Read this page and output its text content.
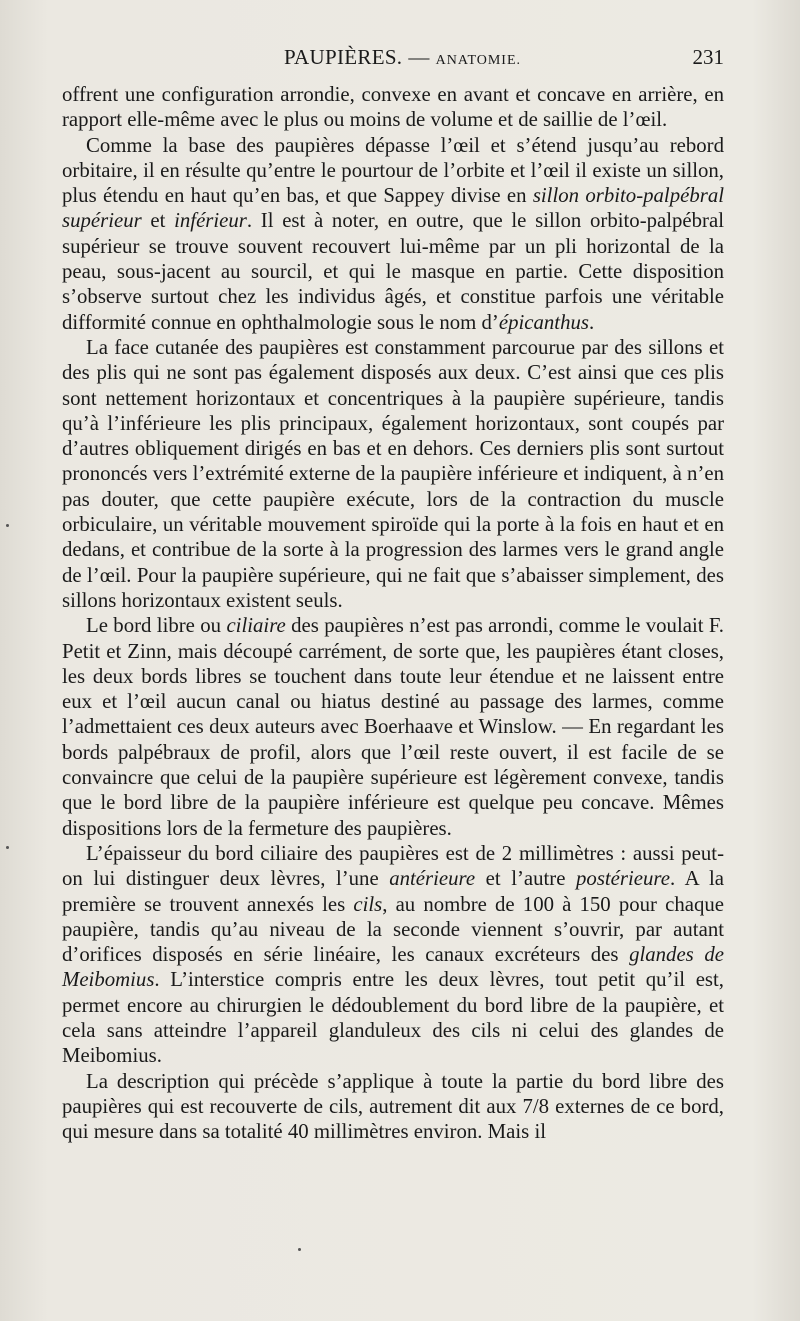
PAUPIÈRES. — ANATOMIE.	231

offrent une configuration arrondie, convexe en avant et concave en arrière, en rapport elle-même avec le plus ou moins de volume et de saillie de l’œil.

Comme la base des paupières dépasse l’œil et s’étend jusqu’au rebord orbitaire, il en résulte qu’entre le pourtour de l’orbite et l’œil il existe un sillon, plus étendu en haut qu’en bas, et que Sappey divise en sillon orbito-palpébral supérieur et inférieur. Il est à noter, en outre, que le sillon orbito-palpébral supérieur se trouve souvent recouvert lui-même par un pli horizontal de la peau, sous-jacent au sourcil, et qui le masque en partie. Cette disposition s’observe surtout chez les individus âgés, et constitue parfois une véritable difformité connue en ophthalmologie sous le nom d’épicanthus.

La face cutanée des paupières est constamment parcourue par des sillons et des plis qui ne sont pas également disposés aux deux. C’est ainsi que ces plis sont nettement horizontaux et concentriques à la paupière supérieure, tandis qu’à l’inférieure les plis principaux, également horizontaux, sont coupés par d’autres obliquement dirigés en bas et en dehors. Ces derniers plis sont surtout prononcés vers l’extrémité externe de la paupière inférieure et indiquent, à n’en pas douter, que cette paupière exécute, lors de la contraction du muscle orbiculaire, un véritable mouvement spiroïde qui la porte à la fois en haut et en dedans, et contribue de la sorte à la progression des larmes vers le grand angle de l’œil. Pour la paupière supérieure, qui ne fait que s’abaisser simplement, des sillons horizontaux existent seuls.

Le bord libre ou ciliaire des paupières n’est pas arrondi, comme le voulait F. Petit et Zinn, mais découpé carrément, de sorte que, les paupières étant closes, les deux bords libres se touchent dans toute leur étendue et ne laissent entre eux et l’œil aucun canal ou hiatus destiné au passage des larmes, comme l’admettaient ces deux auteurs avec Boerhaave et Winslow. — En regardant les bords palpébraux de profil, alors que l’œil reste ouvert, il est facile de se convaincre que celui de la paupière supérieure est légèrement convexe, tandis que le bord libre de la paupière inférieure est quelque peu concave. Mêmes dispositions lors de la fermeture des paupières.

L’épaisseur du bord ciliaire des paupières est de 2 millimètres : aussi peut-on lui distinguer deux lèvres, l’une antérieure et l’autre postérieure. A la première se trouvent annexés les cils, au nombre de 100 à 150 pour chaque paupière, tandis qu’au niveau de la seconde viennent s’ouvrir, par autant d’orifices disposés en série linéaire, les canaux excréteurs des glandes de Meibomius. L’interstice compris entre les deux lèvres, tout petit qu’il est, permet encore au chirurgien le dédoublement du bord libre de la paupière, et cela sans atteindre l’appareil glanduleux des cils ni celui des glandes de Meibomius.

La description qui précède s’applique à toute la partie du bord libre des paupières qui est recouverte de cils, autrement dit aux 7/8 externes de ce bord, qui mesure dans sa totalité 40 millimètres environ. Mais il
